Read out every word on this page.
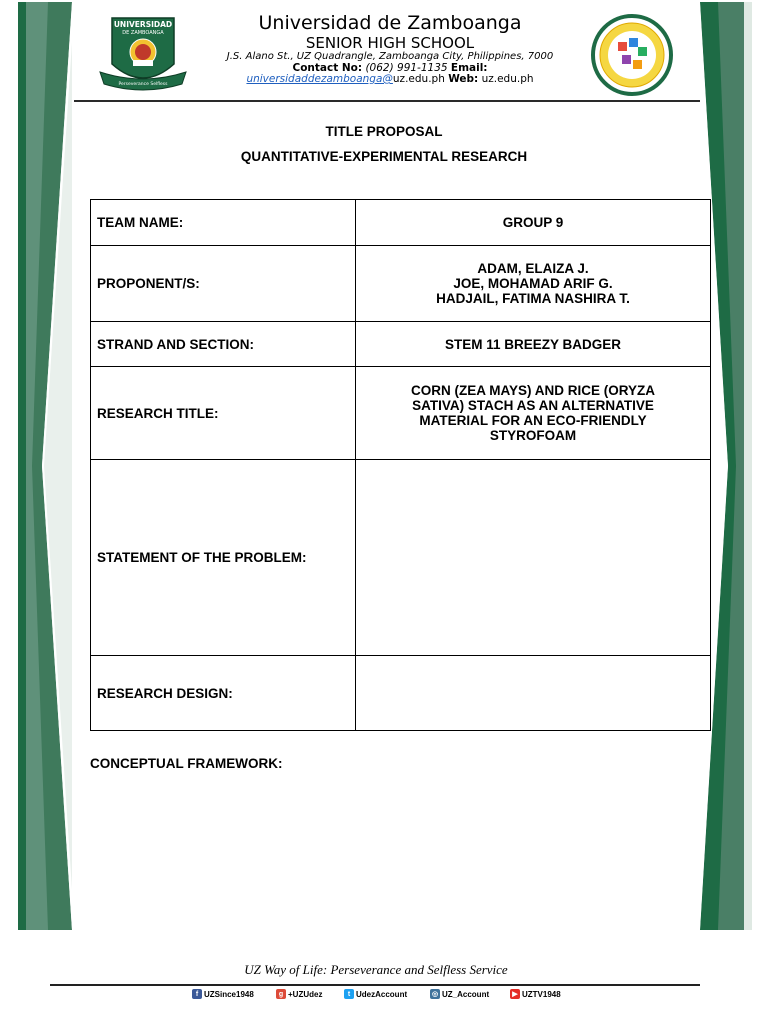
UNIVERSIDAD
DE ZAMBOANGA
Perseverance Selfless
Universidad de Zamboanga
SENIOR HIGH SCHOOL
J.S. Alano St., UZ Quadrangle, Zamboanga City, Philippines, 7000
Contact No: (062) 991-1135 Email:
universidaddezamboanga@uz.edu.ph Web: uz.edu.ph
TITLE PROPOSAL
QUANTITATIVE-EXPERIMENTAL RESEARCH
TEAM NAME:	GROUP 9
PROPONENT/S:	ADAM, ELAIZA J.
JOE, MOHAMAD ARIF G.
HADJAIL, FATIMA NASHIRA T.

STRAND AND SECTION:	STEM 11 BREEZY BADGER
RESEARCH TITLE:	CORN (ZEA MAYS) AND RICE (ORYZA
SATIVA) STACH AS AN ALTERNATIVE
MATERIAL FOR AN ECO-FRIENDLY
STYROFOAM

STATEMENT OF THE PROBLEM:	
RESEARCH DESIGN:	
CONCEPTUAL FRAMEWORK:
UZ Way of Life: Perseverance and Selfless Service
f UZSince1948	g +UZUdez	t UdezAccount	◎ UZ_Account	▶ UZTV1948
